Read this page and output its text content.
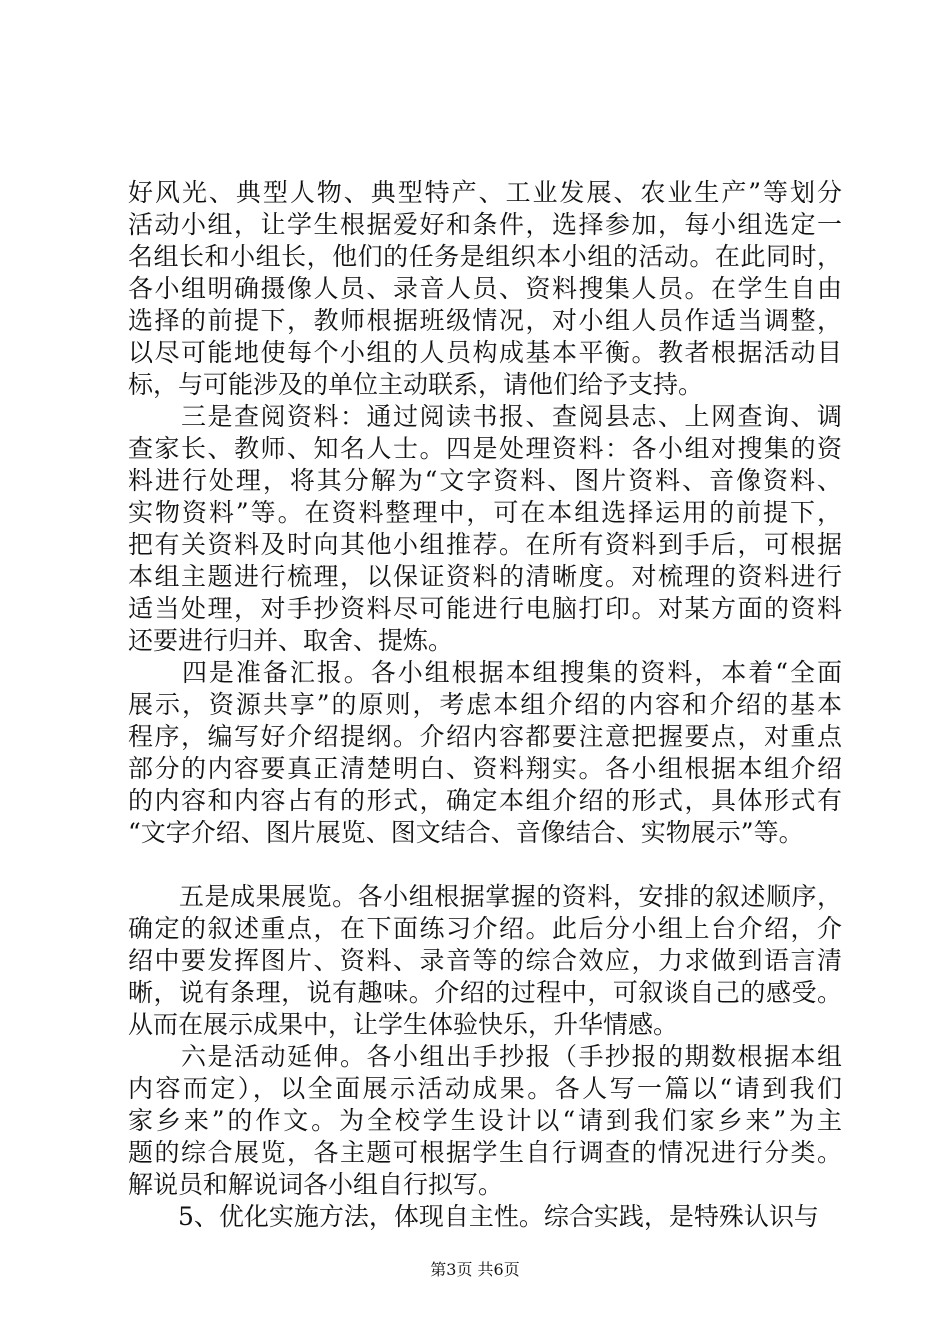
好风光、典型人物、典型特产、工业发展、农业生产”等划分
活动小组，让学生根据爱好和条件，选择参加，每小组选定一
名组长和小组长，他们的任务是组织本小组的活动。在此同时，
各小组明确摄像人员、录音人员、资料搜集人员。在学生自由
选择的前提下，教师根据班级情况，对小组人员作适当调整，
以尽可能地使每个小组的人员构成基本平衡。教者根据活动目
标，与可能涉及的单位主动联系，请他们给予支持。
　　三是查阅资料：通过阅读书报、查阅县志、上网查询、调
查家长、教师、知名人士。四是处理资料：各小组对搜集的资
料进行处理，将其分解为“文字资料、图片资料、音像资料、
实物资料”等。在资料整理中，可在本组选择运用的前提下，
把有关资料及时向其他小组推荐。在所有资料到手后，可根据
本组主题进行梳理，以保证资料的清晰度。对梳理的资料进行
适当处理，对手抄资料尽可能进行电脑打印。对某方面的资料
还要进行归并、取舍、提炼。
　　四是准备汇报。各小组根据本组搜集的资料，本着“全面
展示，资源共享”的原则，考虑本组介绍的内容和介绍的基本
程序，编写好介绍提纲。介绍内容都要注意把握要点，对重点
部分的内容要真正清楚明白、资料翔实。各小组根据本组介绍
的内容和内容占有的形式，确定本组介绍的形式，具体形式有
“文字介绍、图片展览、图文结合、音像结合、实物展示”等。
　　五是成果展览。各小组根据掌握的资料，安排的叙述顺序，
确定的叙述重点，在下面练习介绍。此后分小组上台介绍，介
绍中要发挥图片、资料、录音等的综合效应，力求做到语言清
晰，说有条理，说有趣味。介绍的过程中，可叙谈自己的感受。
从而在展示成果中，让学生体验快乐，升华情感。
　　六是活动延伸。各小组出手抄报（手抄报的期数根据本组
内容而定），以全面展示活动成果。各人写一篇以“请到我们
家乡来”的作文。为全校学生设计以“请到我们家乡来”为主
题的综合展览，各主题可根据学生自行调查的情况进行分类。
解说员和解说词各小组自行拟写。
　　5、优化实施方法，体现自主性。综合实践，是特殊认识与
第3页 共6页
